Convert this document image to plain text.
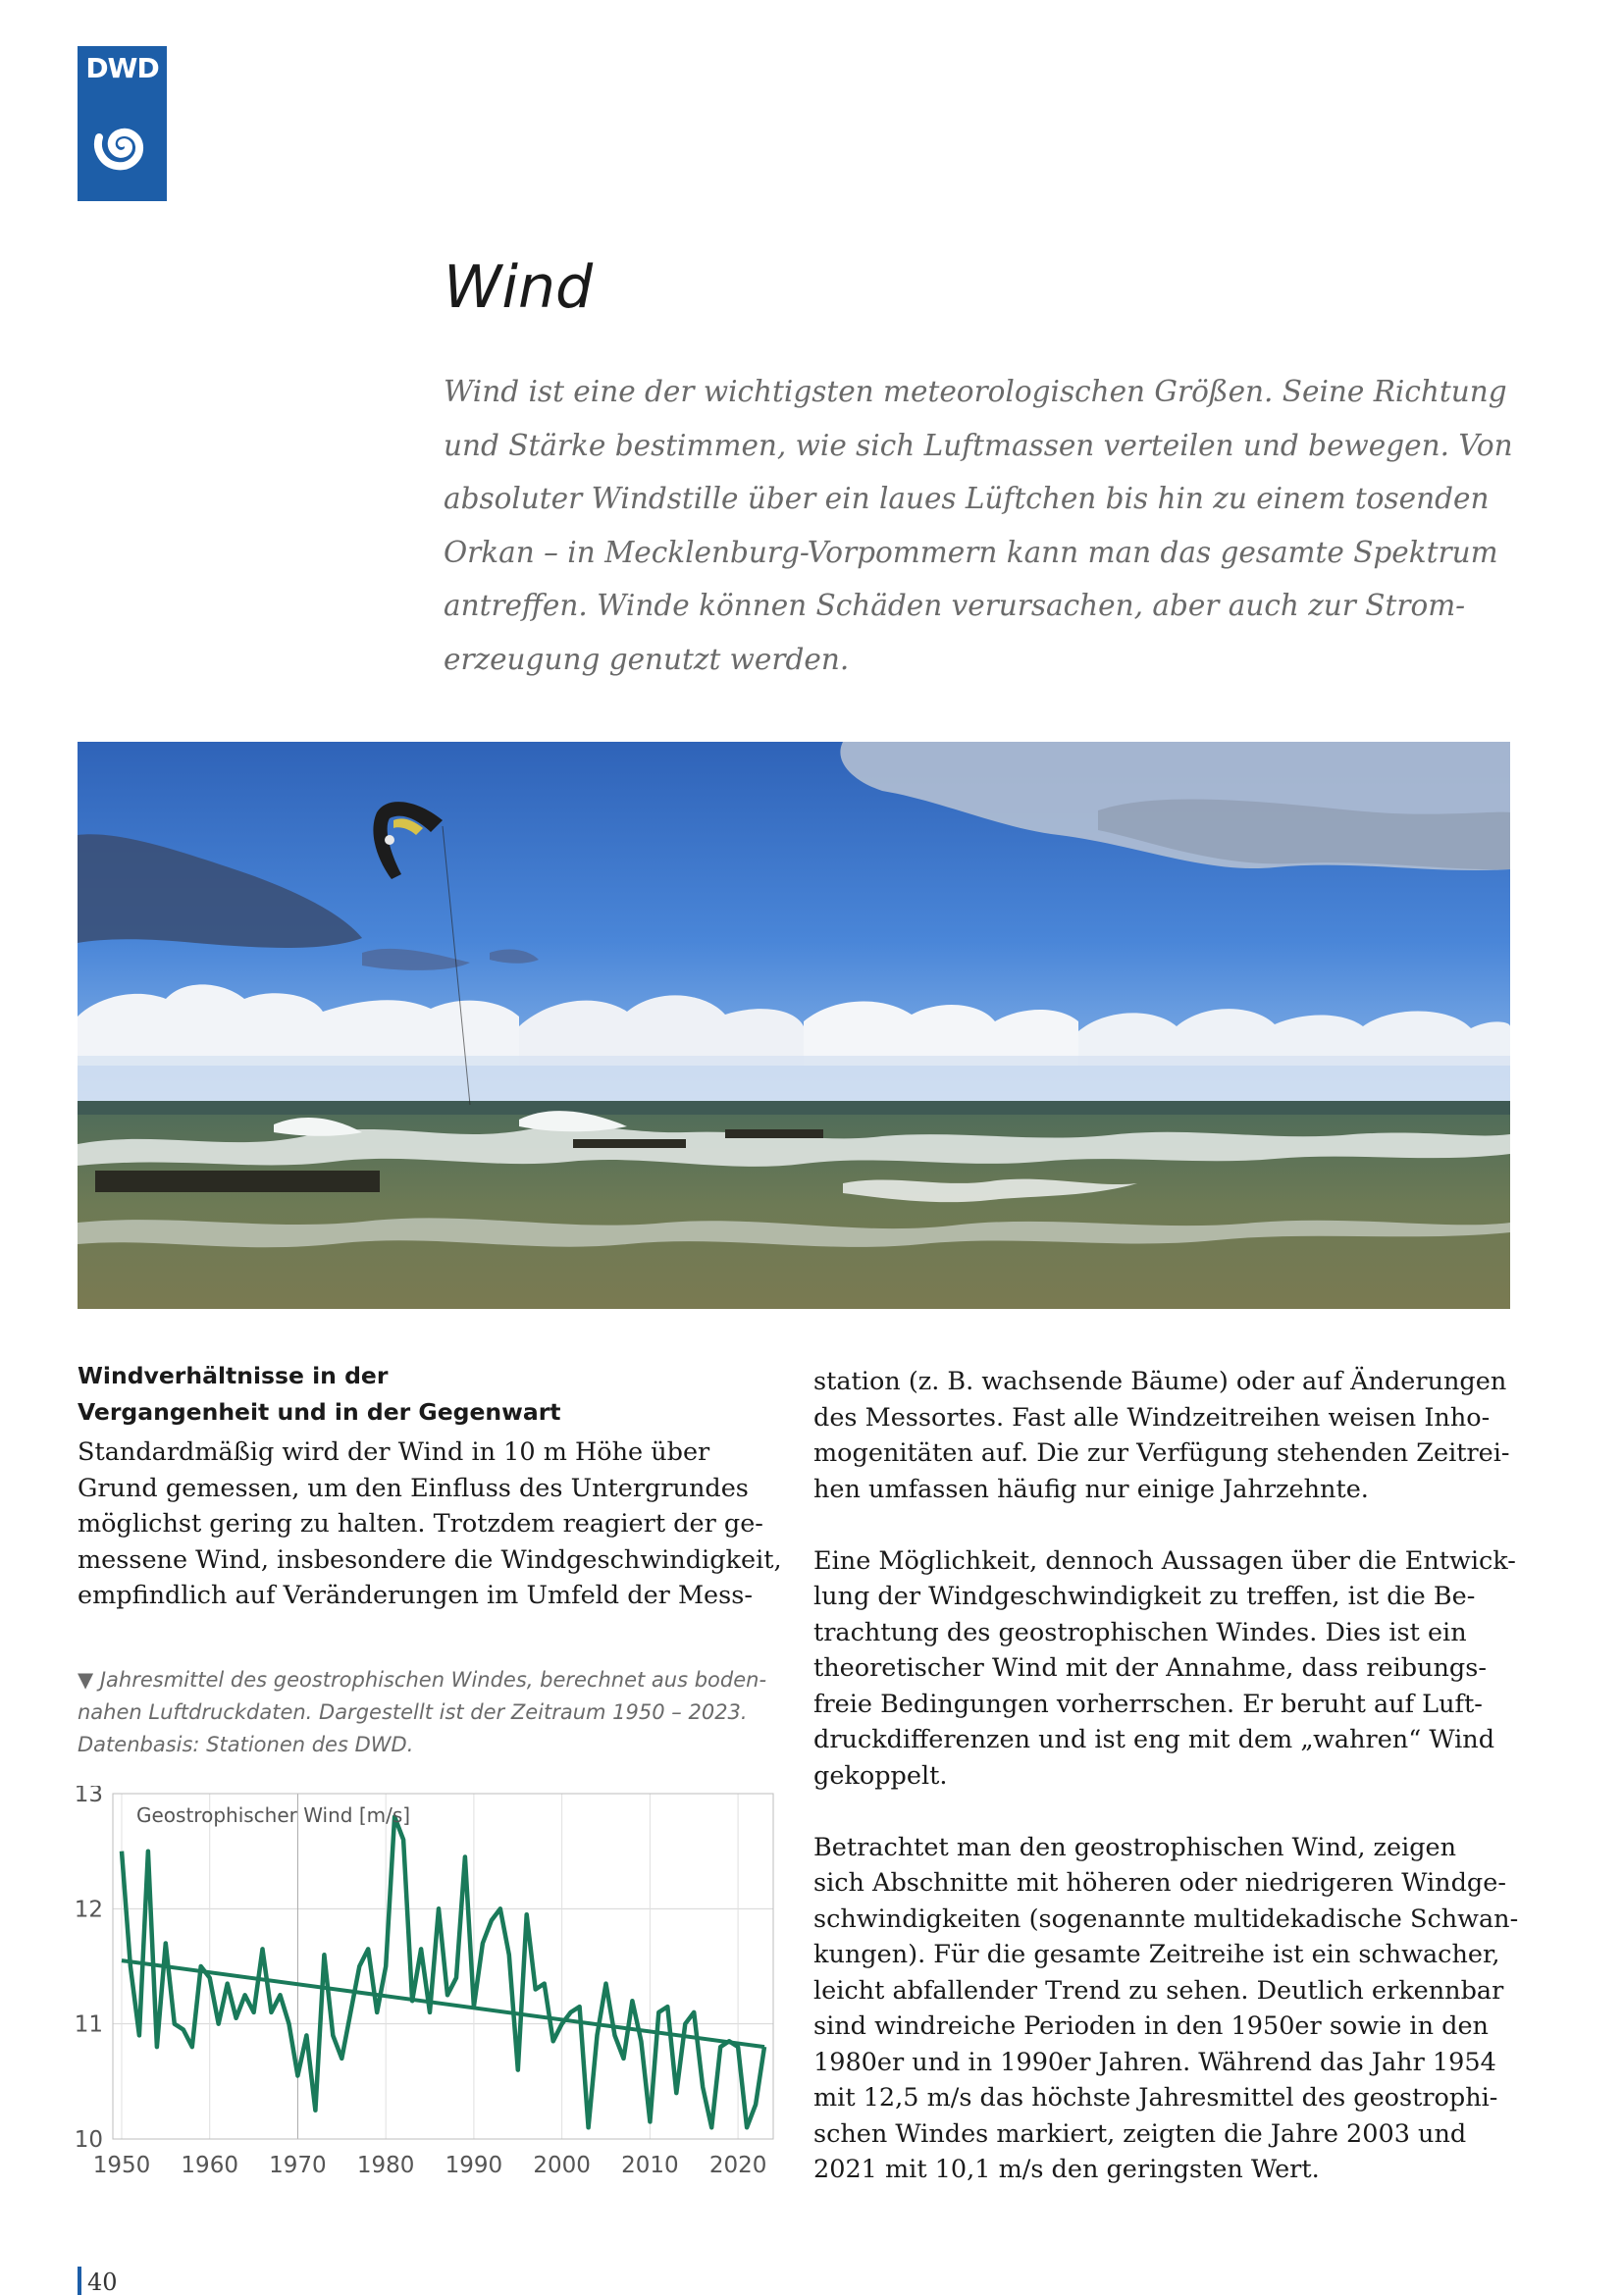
DWD
Wind
Wind ist eine der wichtigsten meteorologischen Größen. Seine Richtung
und Stärke bestimmen, wie sich Luftmassen verteilen und bewegen. Von
absoluter Windstille über ein laues Lüftchen bis hin zu einem tosenden
Orkan – in Mecklenburg-Vorpommern kann man das gesamte Spektrum
antreffen. Winde können Schäden verursachen, aber auch zur Strom-
erzeugung genutzt werden.
Windverhältnisse in der
Vergangenheit und in der Gegenwart
Standardmäßig wird der Wind in 10 m Höhe über
Grund gemessen, um den Einfluss des Untergrundes
möglichst gering zu halten. Trotzdem reagiert der ge-
messene Wind, insbesondere die Windgeschwindigkeit,
empfindlich auf Veränderungen im Umfeld der Mess-
▼ Jahresmittel des geostrophischen Windes, berechnet aus boden-
nahen Luftdruckdaten. Dargestellt ist der Zeitraum 1950 – 2023.
Datenbasis: Stationen des DWD.
10
11
12
13
1950 1960 1970 1980 1990 2000 2010 2020
Geostrophischer Wind [m/s]
station (z. B. wachsende Bäume) oder auf Änderungen
des Messortes. Fast alle Windzeitreihen weisen Inho-
mogenitäten auf. Die zur Verfügung stehenden Zeitrei-
hen umfassen häufig nur einige Jahrzehnte.
Eine Möglichkeit, dennoch Aussagen über die Entwick-
lung der Windgeschwindigkeit zu treffen, ist die Be-
trachtung des geostrophischen Windes. Dies ist ein
theoretischer Wind mit der Annahme, dass reibungs-
freie Bedingungen vorherrschen. Er beruht auf Luft-
druckdifferenzen und ist eng mit dem „wahren“ Wind
gekoppelt.
Betrachtet man den geostrophischen Wind, zeigen
sich Abschnitte mit höheren oder niedrigeren Windge-
schwindigkeiten (sogenannte multidekadische Schwan-
kungen). Für die gesamte Zeitreihe ist ein schwacher,
leicht abfallender Trend zu sehen. Deutlich erkennbar
sind windreiche Perioden in den 1950er sowie in den
1980er und in 1990er Jahren. Während das Jahr 1954
mit 12,5 m/s das höchste Jahresmittel des geostrophi-
schen Windes markiert, zeigten die Jahre 2003 und
2021 mit 10,1 m/s den geringsten Wert.
40
